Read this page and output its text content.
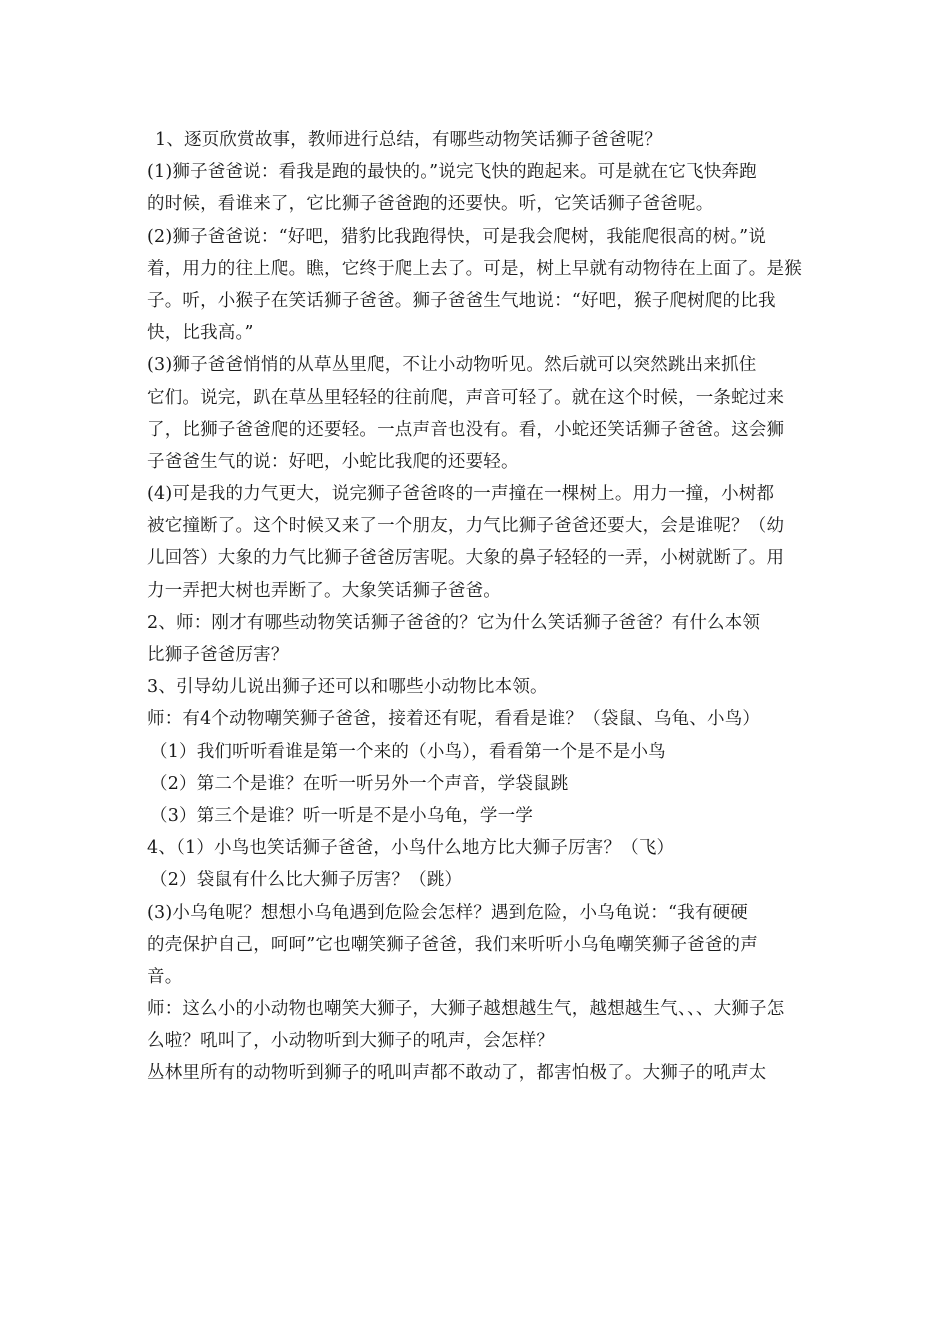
1、逐页欣赏故事，教师进行总结，有哪些动物笑话狮子爸爸呢？
(1)狮子爸爸说：看我是跑的最快的。”说完飞快的跑起来。可是就在它飞快奔跑
的时候，看谁来了，它比狮子爸爸跑的还要快。听，它笑话狮子爸爸呢。
(2)狮子爸爸说：“好吧，猎豹比我跑得快，可是我会爬树，我能爬很高的树。”说
着，用力的往上爬。瞧，它终于爬上去了。可是，树上早就有动物待在上面了。是猴
子。听，小猴子在笑话狮子爸爸。狮子爸爸生气地说：“好吧，猴子爬树爬的比我
快，比我高。”
(3)狮子爸爸悄悄的从草丛里爬，不让小动物听见。然后就可以突然跳出来抓住
它们。说完，趴在草丛里轻轻的往前爬，声音可轻了。就在这个时候，一条蛇过来
了，比狮子爸爸爬的还要轻。一点声音也没有。看，小蛇还笑话狮子爸爸。这会狮
子爸爸生气的说：好吧，小蛇比我爬的还要轻。
(4)可是我的力气更大，说完狮子爸爸咚的一声撞在一棵树上。用力一撞，小树都
被它撞断了。这个时候又来了一个朋友，力气比狮子爸爸还要大，会是谁呢？（幼
儿回答）大象的力气比狮子爸爸厉害呢。大象的鼻子轻轻的一弄，小树就断了。用
力一弄把大树也弄断了。大象笑话狮子爸爸。
2、师：刚才有哪些动物笑话狮子爸爸的？它为什么笑话狮子爸爸？有什么本领
比狮子爸爸厉害？
3、引导幼儿说出狮子还可以和哪些小动物比本领。
师：有4个动物嘲笑狮子爸爸，接着还有呢，看看是谁？（袋鼠、乌龟、小鸟）
（1）我们听听看谁是第一个来的（小鸟），看看第一个是不是小鸟
（2）第二个是谁？在听一听另外一个声音，学袋鼠跳
（3）第三个是谁？听一听是不是小乌龟，学一学
4、（1）小鸟也笑话狮子爸爸，小鸟什么地方比大狮子厉害？（飞）
（2）袋鼠有什么比大狮子厉害？（跳）
(3)小乌龟呢？想想小乌龟遇到危险会怎样？遇到危险，小乌龟说：“我有硬硬
的壳保护自己，呵呵”它也嘲笑狮子爸爸，我们来听听小乌龟嘲笑狮子爸爸的声
音。
师：这么小的小动物也嘲笑大狮子，大狮子越想越生气，越想越生气、、、大狮子怎
么啦？吼叫了，小动物听到大狮子的吼声，会怎样？
丛林里所有的动物听到狮子的吼叫声都不敢动了，都害怕极了。大狮子的吼声太
